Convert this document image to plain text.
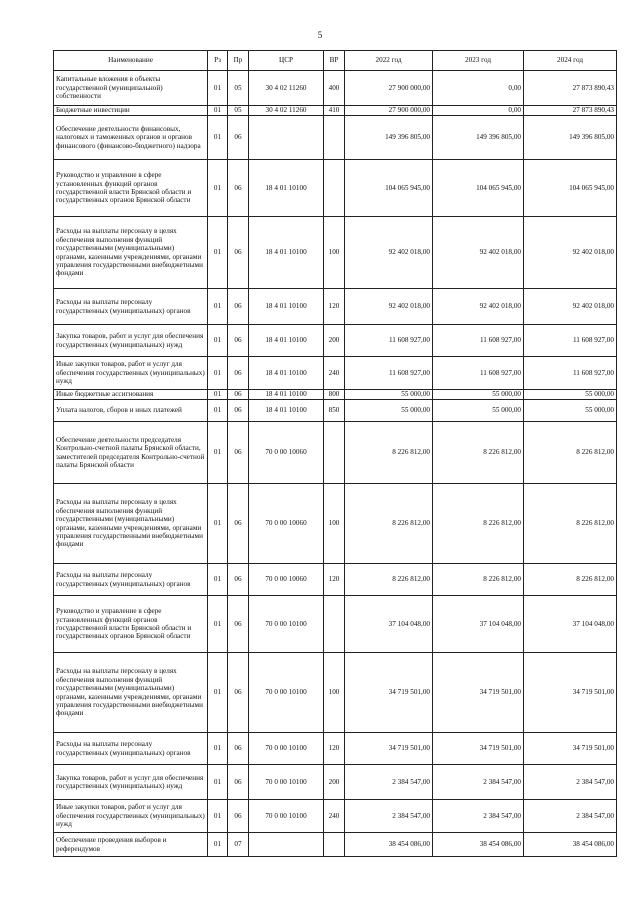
5
Наименование	Рз	Пр	ЦСР	ВР	2022 год	2023 год	2024 год
Капитальные вложения в объекты государственной (муниципальной) собственности	01	05	30 4 02 11260	400	27 900 000,00	0,00	27 873 890,43
Бюджетные инвестиции	01	05	30 4 02 11260	410	27 900 000,00	0,00	27 873 890,43
Обеспечение деятельности финансовых, налоговых и таможенных органов и органов финансового (финансово-бюджетного) надзора	01	06			149 396 805,00	149 396 805,00	149 396 805,00
Руководство и управление в сфере установленных функций органов государственной власти Брянской области и государственных органов Брянской области	01	06	18 4 01 10100		104 065 945,00	104 065 945,00	104 065 945,00
Расходы на выплаты персоналу в целях обеспечения выполнения функций государственными (муниципальными) органами, казенными учреждениями, органами управления государственными внебюджетными фондами	01	06	18 4 01 10100	100	92 402 018,00	92 402 018,00	92 402 018,00
Расходы на выплаты персоналу государственных (муниципальных) органов	01	06	18 4 01 10100	120	92 402 018,00	92 402 018,00	92 402 018,00
Закупка товаров, работ и услуг для обеспечения государственных (муниципальных) нужд	01	06	18 4 01 10100	200	11 608 927,00	11 608 927,00	11 608 927,00
Иные закупки товаров, работ и услуг для обеспечения государственных (муниципальных) нужд	01	06	18 4 01 10100	240	11 608 927,00	11 608 927,00	11 608 927,00
Иные бюджетные ассигнования	01	06	18 4 01 10100	800	55 000,00	55 000,00	55 000,00
Уплата налогов, сборов и иных платежей	01	06	18 4 01 10100	850	55 000,00	55 000,00	55 000,00
Обеспечение деятельности председателя Контрольно-счетной палаты Брянской области, заместителей председателя Контрольно-счетной палаты Брянской области	01	06	70 0 00 10060		8 226 812,00	8 226 812,00	8 226 812,00
Расходы на выплаты персоналу в целях обеспечения выполнения функций государственными (муниципальными) органами, казенными учреждениями, органами управления государственными внебюджетными фондами	01	06	70 0 00 10060	100	8 226 812,00	8 226 812,00	8 226 812,00
Расходы на выплаты персоналу государственных (муниципальных) органов	01	06	70 0 00 10060	120	8 226 812,00	8 226 812,00	8 226 812,00
Руководство и управление в сфере установленных функций органов государственной власти Брянской области и государственных органов Брянской области	01	06	70 0 00 10100		37 104 048,00	37 104 048,00	37 104 048,00
Расходы на выплаты персоналу в целях обеспечения выполнения функций государственными (муниципальными) органами, казенными учреждениями, органами управления государственными внебюджетными фондами	01	06	70 0 00 10100	100	34 719 501,00	34 719 501,00	34 719 501,00
Расходы на выплаты персоналу государственных (муниципальных) органов	01	06	70 0 00 10100	120	34 719 501,00	34 719 501,00	34 719 501,00
Закупка товаров, работ и услуг для обеспечения государственных (муниципальных) нужд	01	06	70 0 00 10100	200	2 384 547,00	2 384 547,00	2 384 547,00
Иные закупки товаров, работ и услуг для обеспечения государственных (муниципальных) нужд	01	06	70 0 00 10100	240	2 384 547,00	2 384 547,00	2 384 547,00
Обеспечение проведения выборов и референдумов	01	07			38 454 086,00	38 454 086,00	38 454 086,00
